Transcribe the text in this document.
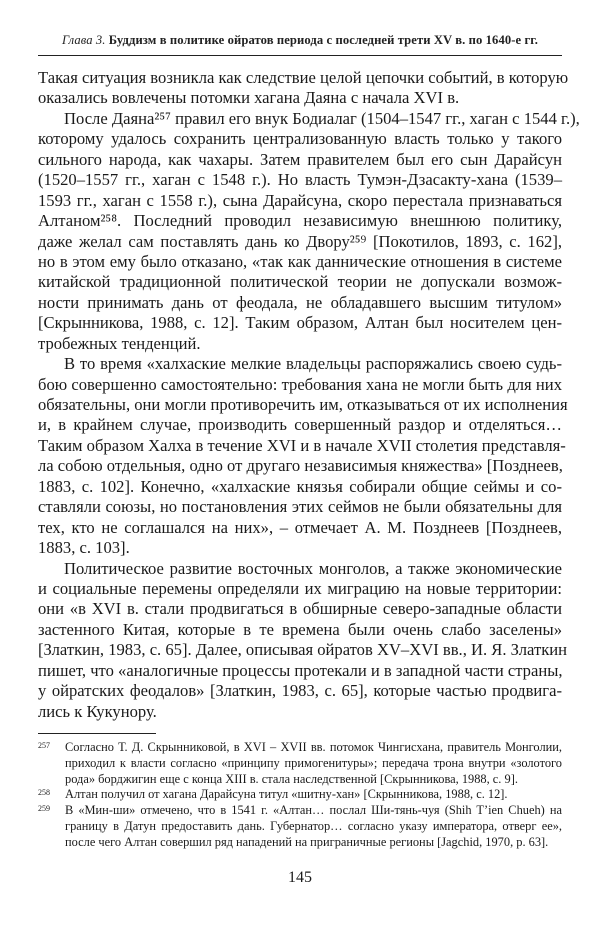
Глава 3. Буддизм в политике ойратов периода с последней трети XV в. по 1640-е гг.
Такая ситуация возникла как следствие целой цепочки событий, в которую
оказались вовлечены потомки хагана Даяна с начала XVI в.
После Даяна²⁵⁷ правил его внук Бодиалаг (1504–1547 гг., хаган с 1544 г.),
которому удалось сохранить централизованную власть только у такого
сильного народа, как чахары. Затем правителем был его сын Дарайсун
(1520–1557 гг., хаган с 1548 г.). Но власть Тумэн-Дзасакту-хана (1539–
1593 гг., хаган с 1558 г.), сына Дарайсуна, скоро перестала признаваться
Алтаном²⁵⁸. Последний проводил независимую внешнюю политику,
даже желал сам поставлять дань ко Двору²⁵⁹ [Покотилов, 1893, с. 162],
но в этом ему было отказано, «так как даннические отношения в системе
китайской традиционной политической теории не допускали возмож-
ности принимать дань от феодала, не обладавшего высшим титулом»
[Скрынникова, 1988, с. 12]. Таким образом, Алтан был носителем цен-
тробежных тенденций.
В то время «халхаские мелкие владельцы распоряжались своею судь-
бою совершенно самостоятельно: требования хана не могли быть для них
обязательны, они могли противоречить им, отказываться от их исполнения
и, в крайнем случае, производить совершенный раздор и отделяться…
Таким образом Халха в течение XVI и в начале XVII столетия представля-
ла собою отдельныя, одно от другаго независимыя княжества» [Позднеев,
1883, с. 102]. Конечно, «халхаские князья собирали общие сеймы и со-
ставляли союзы, но постановления этих сеймов не были обязательны для
тех, кто не соглашался на них», – отмечает А. М. Позднеев [Позднеев,
1883, с. 103].
Политическое развитие восточных монголов, а также экономические
и социальные перемены определяли их миграцию на новые территории:
они «в XVI в. стали продвигаться в обширные северо-западные области
застенного Китая, которые в те времена были очень слабо заселены»
[Златкин, 1983, с. 65]. Далее, описывая ойратов XV–XVI вв., И. Я. Златкин
пишет, что «аналогичные процессы протекали и в западной части страны,
у ойратских феодалов» [Златкин, 1983, с. 65], которые частью продвига-
лись к Кукунору.
257 Согласно Т. Д. Скрынниковой, в XVI – XVII вв. потомок Чингисхана, правитель Монголии,
приходил к власти согласно «принципу примогенитуры»; передача трона внутри «золотого
рода» борджигин еще с конца XIII в. стала наследственной [Скрынникова, 1988, с. 9].
258 Алтан получил от хагана Дарайсуна титул «шитну-хан» [Скрынникова, 1988, с. 12].
259 В «Мин-ши» отмечено, что в 1541 г. «Алтан… послал Ши-тянь-чуя (Shih T’ien Chueh) на
границу в Датун предоставить дань. Губернатор… согласно указу императора, отверг ее»,
после чего Алтан совершил ряд нападений на приграничные регионы [Jagchid, 1970, p. 63].
145
